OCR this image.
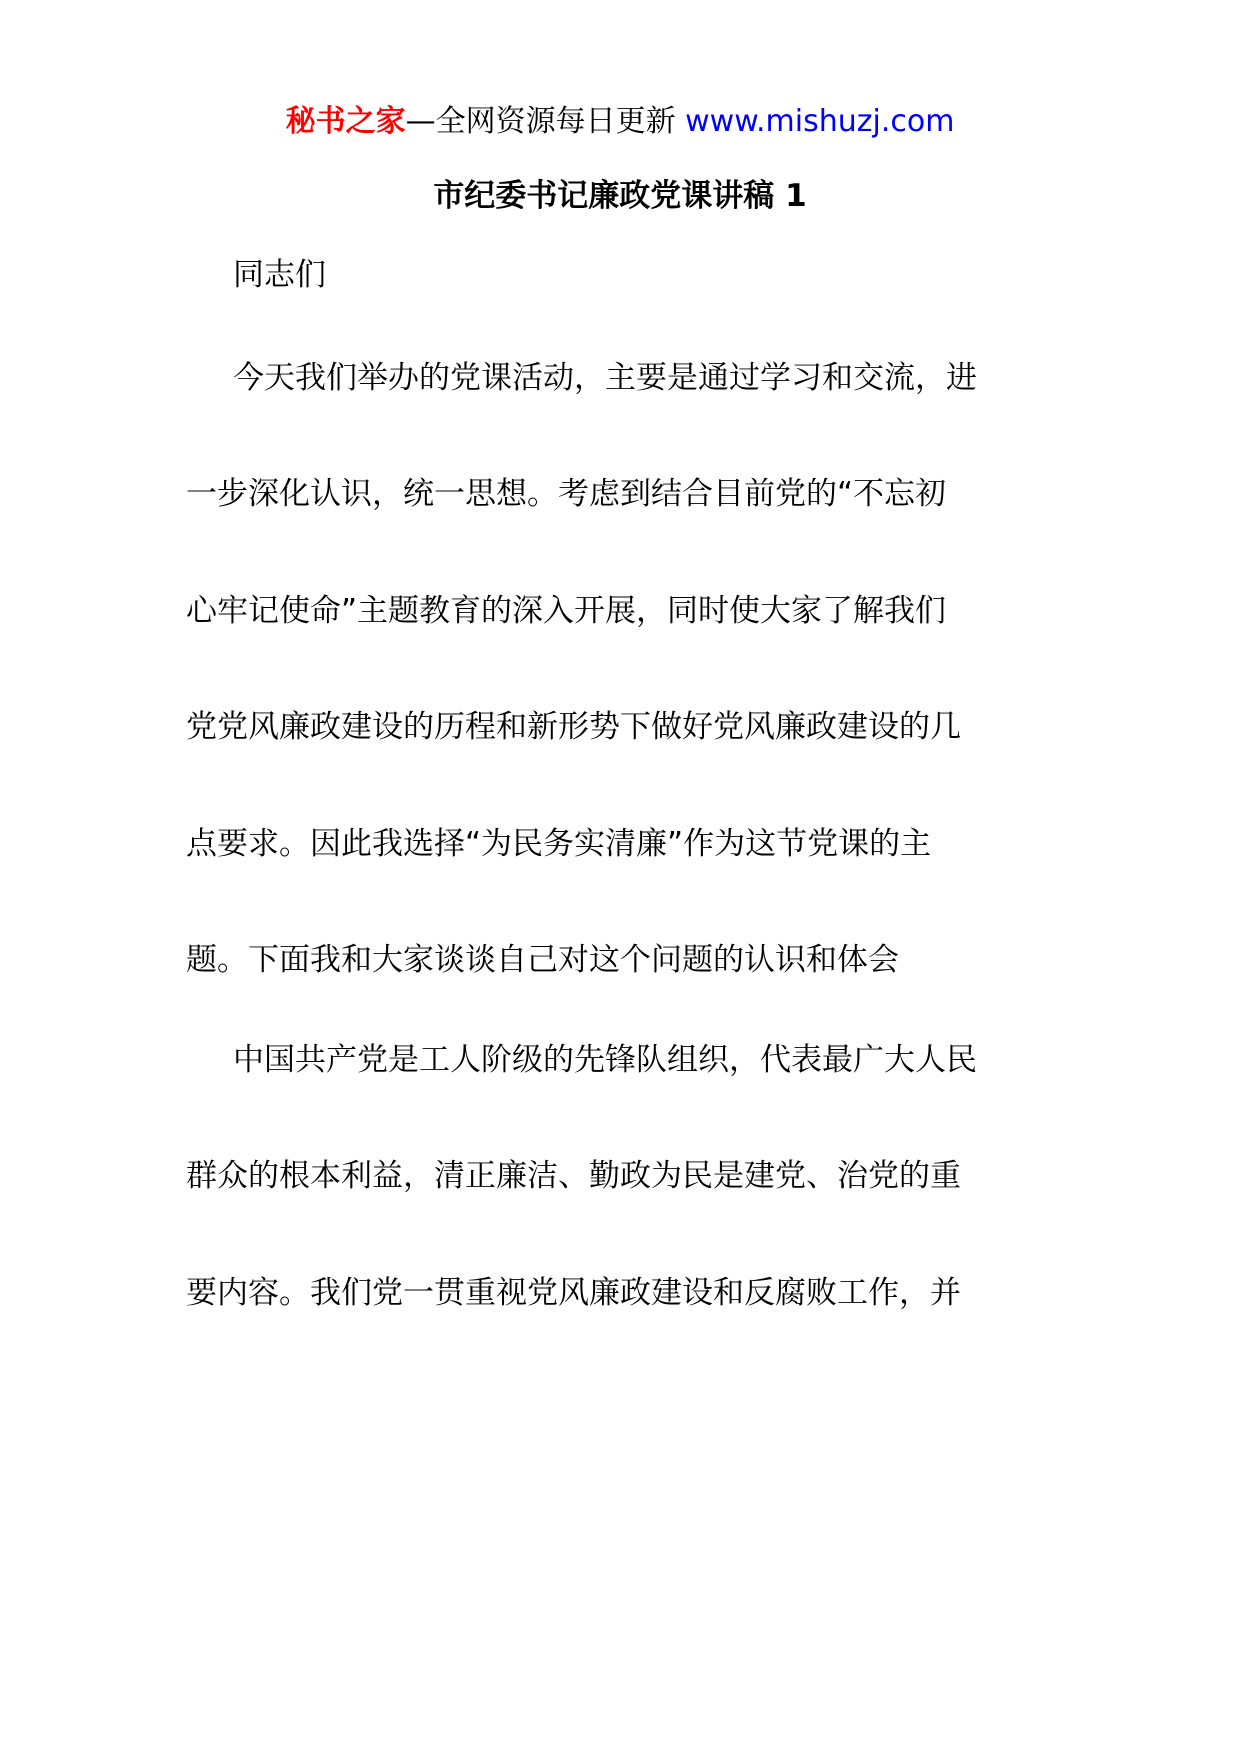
秘书之家—全网资源每日更新 www.mishuzj.com
市纪委书记廉政党课讲稿 1
同志们
今天我们举办的党课活动，主要是通过学习和交流，进
一步深化认识，统一思想。考虑到结合目前党的“不忘初
心牢记使命”主题教育的深入开展，同时使大家了解我们
党党风廉政建设的历程和新形势下做好党风廉政建设的几
点要求。因此我选择“为民务实清廉”作为这节党课的主
题。下面我和大家谈谈自己对这个问题的认识和体会
中国共产党是工人阶级的先锋队组织，代表最广大人民
群众的根本利益，清正廉洁、勤政为民是建党、治党的重
要内容。我们党一贯重视党风廉政建设和反腐败工作，并
